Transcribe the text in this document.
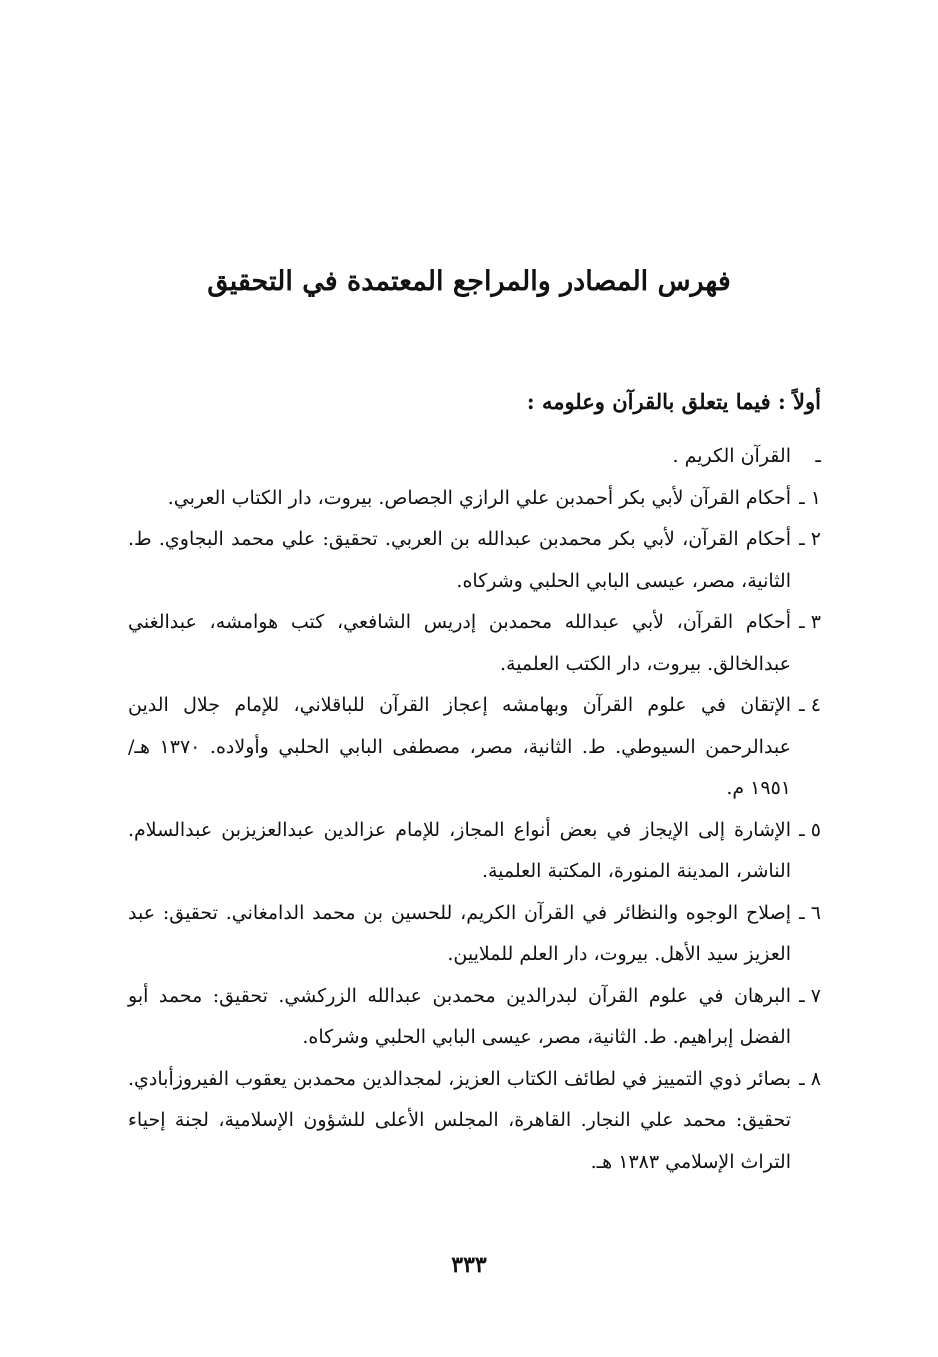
فهرس المصادر والمراجع المعتمدة في التحقيق
أولاً : فيما يتعلق بالقرآن وعلومه :
ـ
القرآن الكريم .
١ ـ
أحكام القرآن لأبي بكر أحمدبن علي الرازي الجصاص. بيروت، دار الكتاب العربي.
٢ ـ
أحكام القرآن، لأبي بكر محمدبن عبدالله بن العربي. تحقيق: علي محمد البجاوي. ط. الثانية، مصر، عيسى البابي الحلبي وشركاه.
٣ ـ
أحكام القرآن، لأبي عبدالله محمدبن إدريس الشافعي، كتب هوامشه، عبدالغني عبدالخالق. بيروت، دار الكتب العلمية.
٤ ـ
الإتقان في علوم القرآن وبهامشه إعجاز القرآن للباقلاني، للإمام جلال الدين عبدالرحمن السيوطي. ط. الثانية، مصر، مصطفى البابي الحلبي وأولاده. ١٣٧٠ هـ/١٩٥١ م.
٥ ـ
الإشارة إلى الإيجاز في بعض أنواع المجاز، للإمام عزالدين عبدالعزيزبن عبدالسلام. الناشر، المدينة المنورة، المكتبة العلمية.
٦ ـ
إصلاح الوجوه والنظائر في القرآن الكريم، للحسين بن محمد الدامغاني. تحقيق: عبد العزيز سيد الأهل. بيروت، دار العلم للملايين.
٧ ـ
البرهان في علوم القرآن لبدرالدين محمدبن عبدالله الزركشي. تحقيق: محمد أبو الفضل إبراهيم. ط. الثانية، مصر، عيسى البابي الحلبي وشركاه.
٨ ـ
بصائر ذوي التمييز في لطائف الكتاب العزيز، لمجدالدين محمدبن يعقوب الفيروزأبادي. تحقيق: محمد علي النجار. القاهرة، المجلس الأعلى للشؤون الإسلامية، لجنة إحياء التراث الإسلامي ١٣٨٣ هـ.
٣٣٣
